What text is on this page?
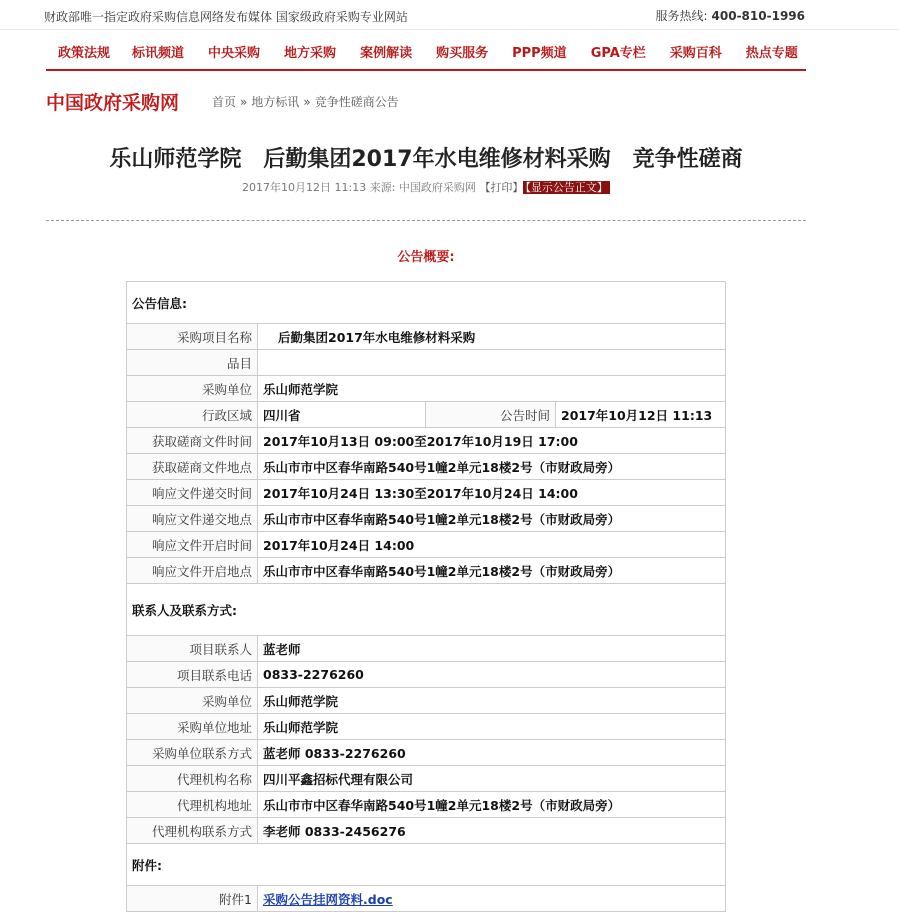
财政部唯一指定政府采购信息网络发布媒体 国家级政府采购专业网站	服务热线: 400-810-1996
政策法规 标讯频道 中央采购 地方采购 案例解读 购买服务 PPP频道 GPA专栏 采购百科 热点专题
中国政府采购网	首页 » 地方标讯 » 竞争性磋商公告
乐山师范学院　后勤集团2017年水电维修材料采购　竞争性磋商
2017年10月12日 11:13 来源: 中国政府采购网 【打印】 【显示公告正文】
公告概要:
公告信息:			
采购项目名称	后勤集团2017年水电维修材料采购		
品目			
采购单位	乐山师范学院		
行政区域	四川省	公告时间	2017年10月12日 11:13
获取磋商文件时间	2017年10月13日 09:00至2017年10月19日 17:00		
获取磋商文件地点	乐山市市中区春华南路540号1幢2单元18楼2号（市财政局旁）		
响应文件递交时间	2017年10月24日 13:30至2017年10月24日 14:00		
响应文件递交地点	乐山市市中区春华南路540号1幢2单元18楼2号（市财政局旁）		
响应文件开启时间	2017年10月24日 14:00		
响应文件开启地点	乐山市市中区春华南路540号1幢2单元18楼2号（市财政局旁）		
联系人及联系方式:			
项目联系人	蓝老师		
项目联系电话	0833-2276260		
采购单位	乐山师范学院		
采购单位地址	乐山师范学院		
采购单位联系方式	蓝老师 0833-2276260		
代理机构名称	四川平鑫招标代理有限公司		
代理机构地址	乐山市市中区春华南路540号1幢2单元18楼2号（市财政局旁）		
代理机构联系方式	李老师 0833-2456276		
附件:			
附件1	采购公告挂网资料.doc		
